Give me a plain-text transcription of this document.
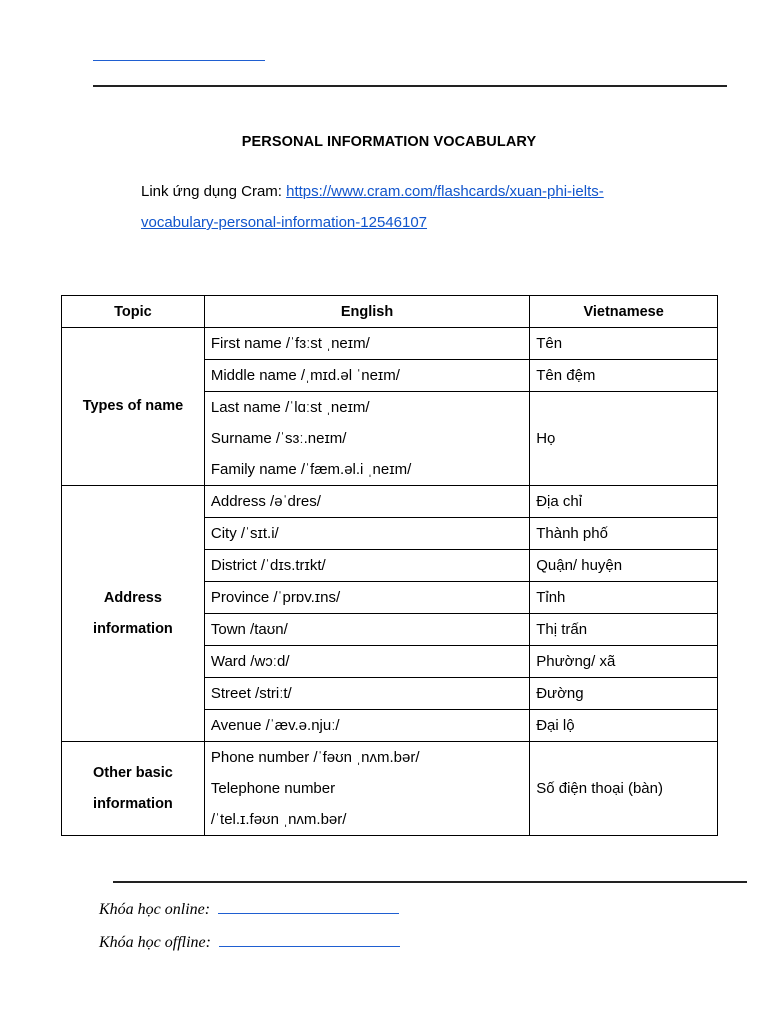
PERSONAL INFORMATION VOCABULARY
Link ứng dụng Cram: https://www.cram.com/flashcards/xuan-phi-ielts-
vocabulary-personal-information-12546107
Topic	English	Vietnamese
Types of name	First name /ˈfɜːst ˌneɪm/	Tên
	Middle name /ˌmɪd.əl ˈneɪm/	Tên đệm

	Last name /ˈlɑːst ˌneɪm/
Surname /ˈsɜː.neɪm/
Family name /ˈfæm.əl.i ˌneɪm/	Họ

Address
information	Address /əˈdres/	Địa chỉ
	City /ˈsɪt.i/	Thành phố
	District /ˈdɪs.trɪkt/	Quận/ huyện
	Province /ˈprɒv.ɪns/	Tỉnh
	Town /taʊn/	Thị trấn
	Ward /wɔːd/	Phường/ xã
	Street /striːt/	Đường
	Avenue /ˈæv.ə.njuː/	Đại lộ

Other basic
information	Phone number /ˈfəʊn ˌnʌm.bər/
Telephone number
/ˈtel.ɪ.fəʊn ˌnʌm.bər/	Số điện thoại (bàn)
Khóa học online:
Khóa học offline:
